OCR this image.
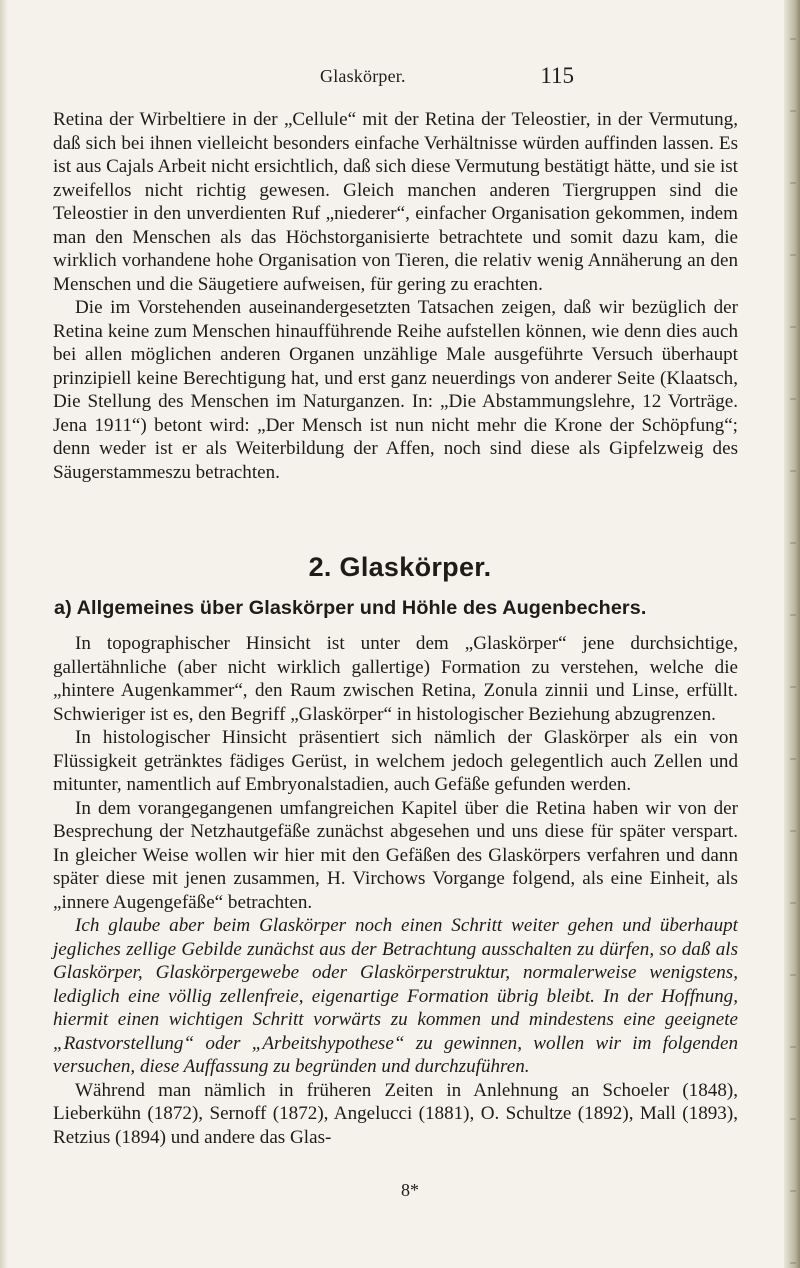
Glaskörper.	115

Retina der Wirbeltiere in der „Cellule“ mit der Retina der Teleostier, in der Vermutung, daß sich bei ihnen vielleicht besonders einfache Verhältnisse würden auffinden lassen. Es ist aus Cajals Arbeit nicht ersichtlich, daß sich diese Vermutung bestätigt hätte, und sie ist zweifellos nicht richtig gewesen. Gleich manchen anderen Tiergruppen sind die Teleostier in den unverdienten Ruf „niederer“, einfacher Organisation gekommen, indem man den Menschen als das Höchstorganisierte betrachtete und somit dazu kam, die wirklich vorhandene hohe Organisation von Tieren, die relativ wenig Annäherung an den Menschen und die Säugetiere aufweisen, für gering zu erachten.

Die im Vorstehenden auseinandergesetzten Tatsachen zeigen, daß wir bezüglich der Retina keine zum Menschen hinaufführende Reihe aufstellen können, wie denn dies auch bei allen möglichen anderen Organen unzählige Male ausgeführte Versuch überhaupt prinzipiell keine Berechtigung hat, und erst ganz neuerdings von anderer Seite (Klaatsch, Die Stellung des Menschen im Naturganzen. In: „Die Abstammungslehre, 12 Vorträge. Jena 1911“) betont wird: „Der Mensch ist nun nicht mehr die Krone der Schöpfung“; denn weder ist er als Weiterbildung der Affen, noch sind diese als Gipfelzweig des Säugerstammeszu betrachten.

2. Glaskörper.
a) Allgemeines über Glaskörper und Höhle des Augenbechers.

In topographischer Hinsicht ist unter dem „Glaskörper“ jene durchsichtige, gallertähnliche (aber nicht wirklich gallertige) Formation zu verstehen, welche die „hintere Augenkammer“, den Raum zwischen Retina, Zonula zinnii und Linse, erfüllt. Schwieriger ist es, den Begriff „Glaskörper“ in histologischer Beziehung abzugrenzen.

In histologischer Hinsicht präsentiert sich nämlich der Glaskörper als ein von Flüssigkeit getränktes fädiges Gerüst, in welchem jedoch gelegentlich auch Zellen und mitunter, namentlich auf Embryonalstadien, auch Gefäße gefunden werden.

In dem vorangegangenen umfangreichen Kapitel über die Retina haben wir von der Besprechung der Netzhautgefäße zunächst abgesehen und uns diese für später verspart. In gleicher Weise wollen wir hier mit den Gefäßen des Glaskörpers verfahren und dann später diese mit jenen zusammen, H. Virchows Vorgange folgend, als eine Einheit, als „innere Augengefäße“ betrachten.

Ich glaube aber beim Glaskörper noch einen Schritt weiter gehen und überhaupt jegliches zellige Gebilde zunächst aus der Betrachtung ausschalten zu dürfen, so daß als Glaskörper, Glaskörpergewebe oder Glaskörperstruktur, normalerweise wenigstens, lediglich eine völlig zellenfreie, eigenartige Formation übrig bleibt. In der Hoffnung, hiermit einen wichtigen Schritt vorwärts zu kommen und mindestens eine geeignete „Rastvorstellung“ oder „Arbeitshypothese“ zu gewinnen, wollen wir im folgenden versuchen, diese Auffassung zu begründen und durchzuführen.

Während man nämlich in früheren Zeiten in Anlehnung an Schoeler (1848), Lieberkühn (1872), Sernoff (1872), Angelucci (1881), O. Schultze (1892), Mall (1893), Retzius (1894) und andere das Glas-

8*
